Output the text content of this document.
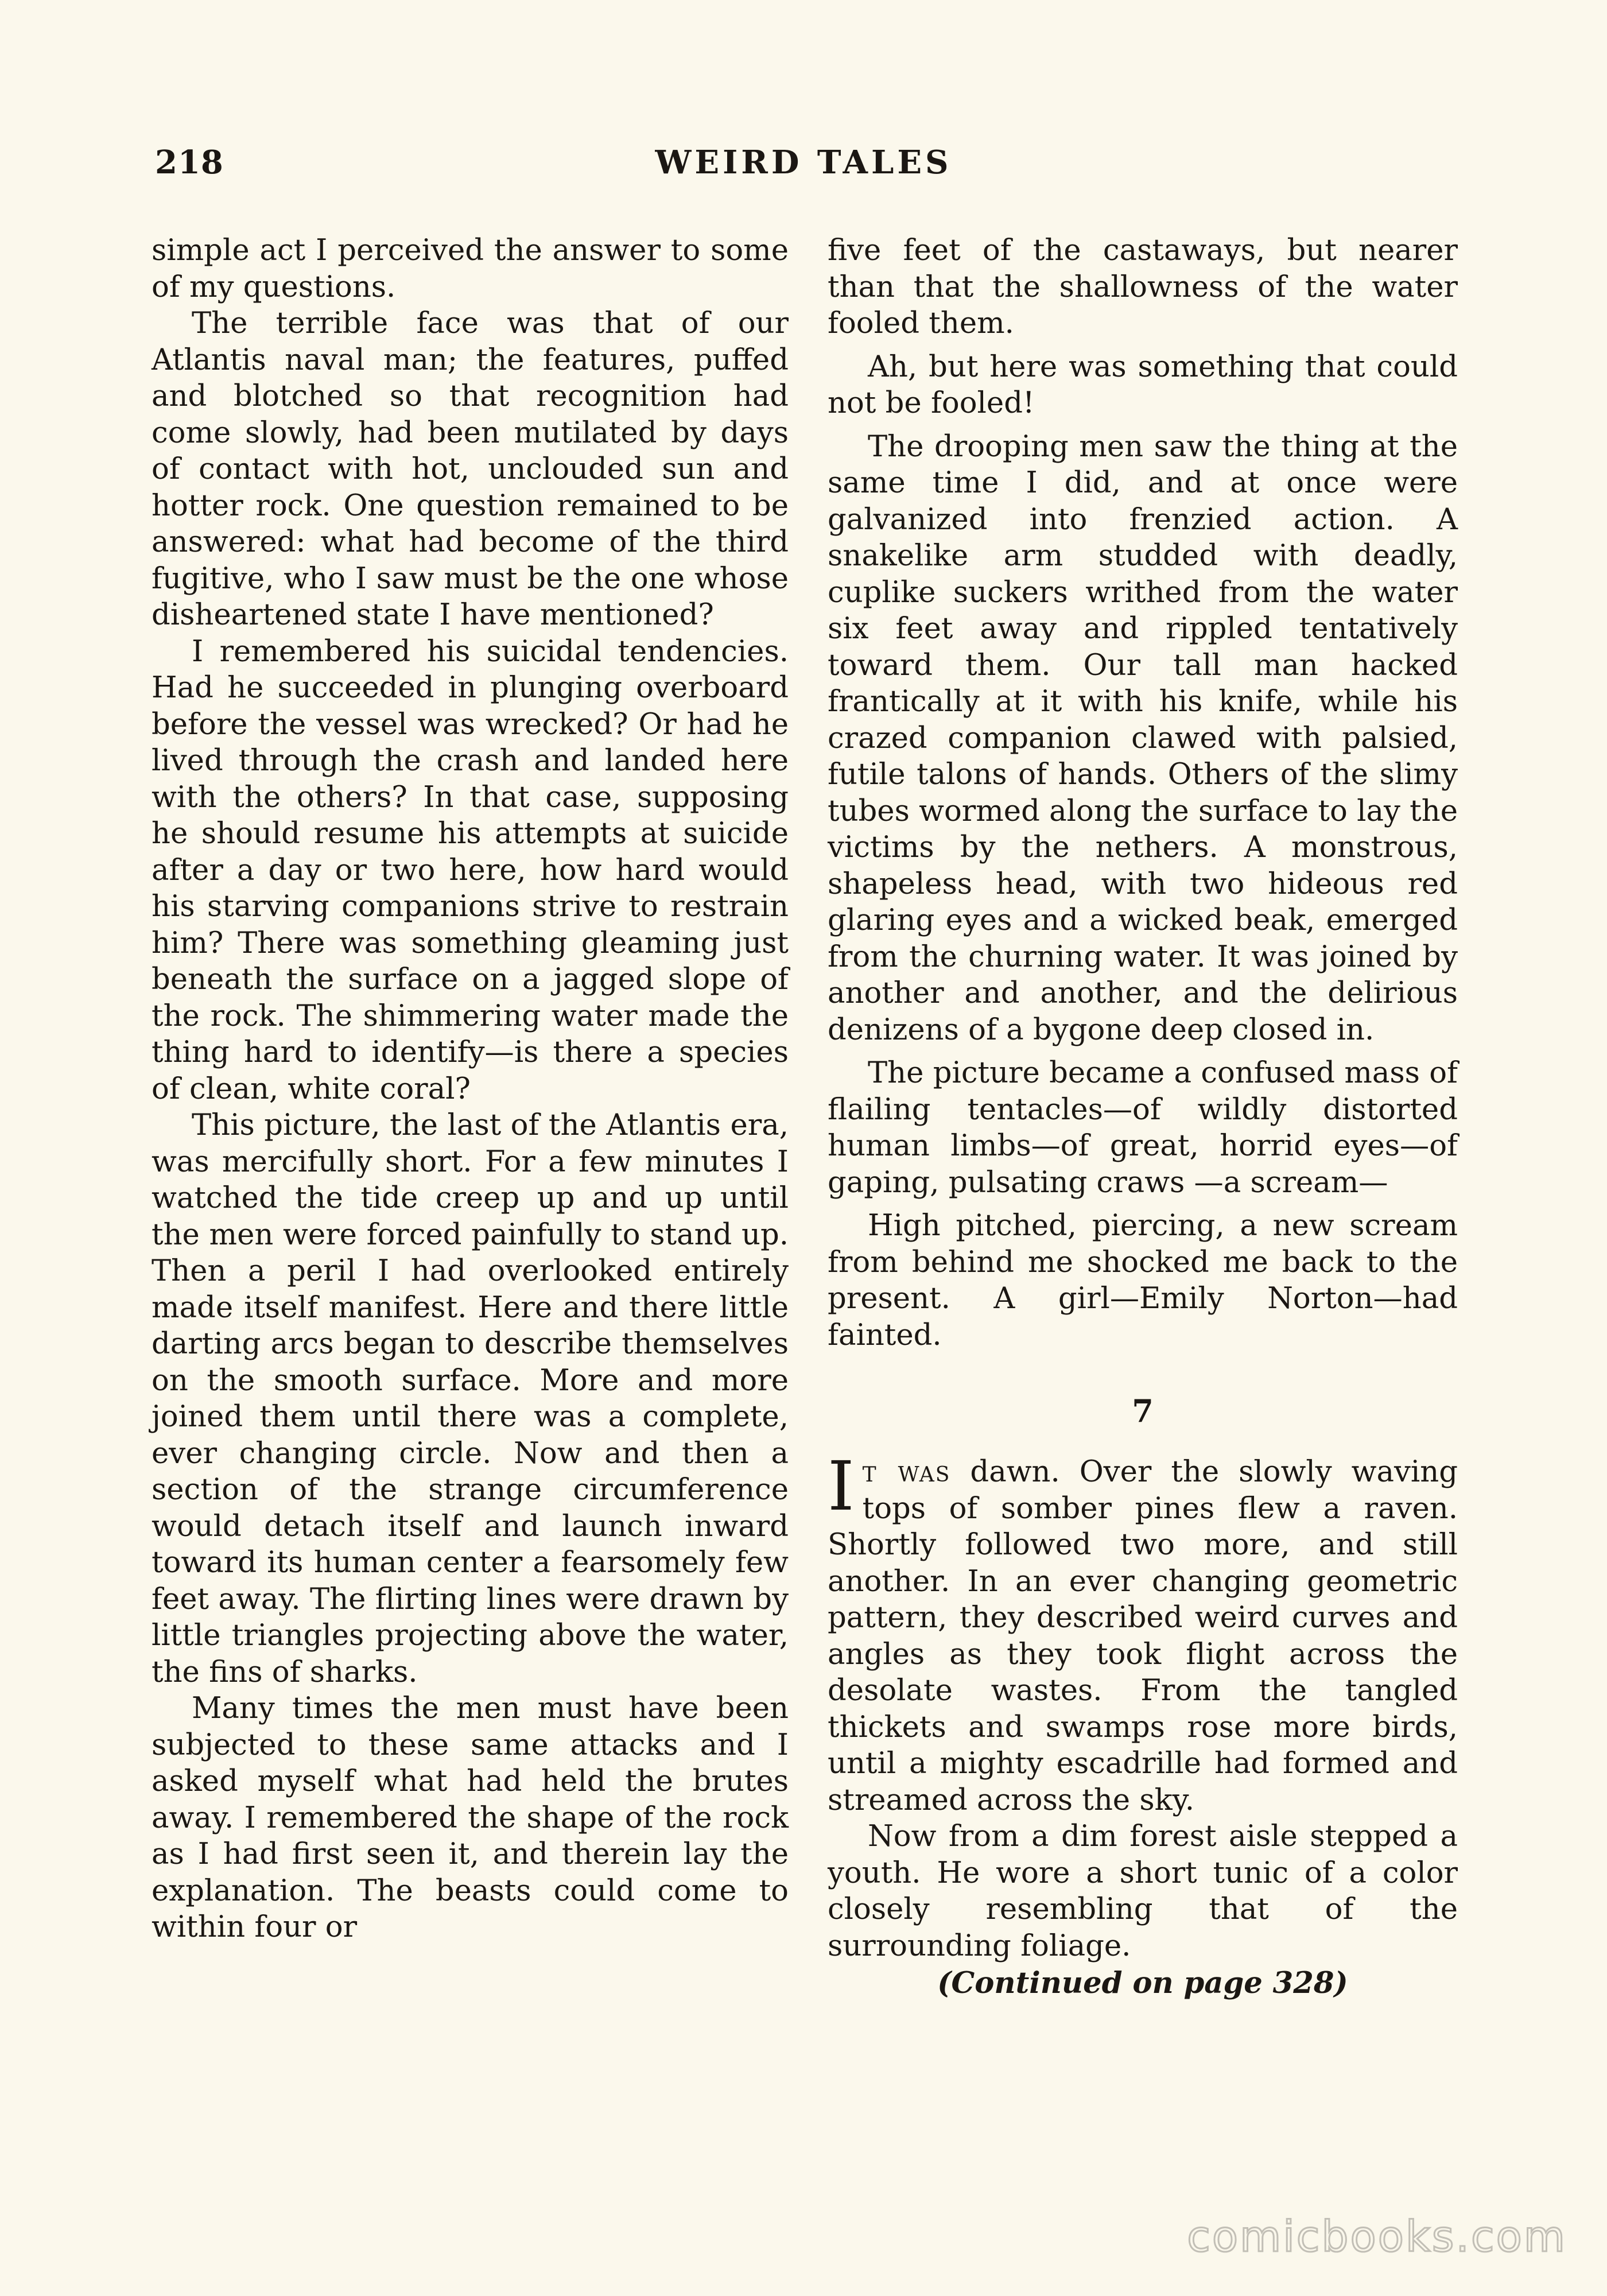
218	WEIRD TALES

simple act I perceived the answer to some of my questions.

The terrible face was that of our Atlantis naval man; the features, puffed and blotched so that recognition had come slowly, had been mutilated by days of contact with hot, unclouded sun and hotter rock. One question remained to be answered: what had become of the third fugitive, who I saw must be the one whose disheartened state I have mentioned?

I remembered his suicidal tendencies. Had he succeeded in plunging overboard before the vessel was wrecked? Or had he lived through the crash and landed here with the others? In that case, supposing he should resume his attempts at suicide after a day or two here, how hard would his starving companions strive to restrain him? There was something gleaming just beneath the surface on a jagged slope of the rock. The shimmering water made the thing hard to identify—is there a species of clean, white coral?

This picture, the last of the Atlantis era, was mercifully short. For a few minutes I watched the tide creep up and up until the men were forced painfully to stand up. Then a peril I had overlooked entirely made itself manifest. Here and there little darting arcs began to describe themselves on the smooth surface. More and more joined them until there was a complete, ever changing circle. Now and then a section of the strange circumference would detach itself and launch inward toward its human center a fearsomely few feet away. The flirting lines were drawn by little triangles projecting above the water, the fins of sharks.

Many times the men must have been subjected to these same attacks and I asked myself what had held the brutes away. I remembered the shape of the rock as I had first seen it, and therein lay the explanation. The beasts could come to within four or

five feet of the castaways, but nearer than that the shallowness of the water fooled them.

Ah, but here was something that could not be fooled!

The drooping men saw the thing at the same time I did, and at once were galvanized into frenzied action. A snakelike arm studded with deadly, cuplike suckers writhed from the water six feet away and rippled tentatively toward them. Our tall man hacked frantically at it with his knife, while his crazed companion clawed with palsied, futile talons of hands. Others of the slimy tubes wormed along the surface to lay the victims by the nethers. A monstrous, shapeless head, with two hideous red glaring eyes and a wicked beak, emerged from the churning water. It was joined by another and another, and the delirious denizens of a bygone deep closed in.

The picture became a confused mass of flailing tentacles—of wildly distorted human limbs—of great, horrid eyes—of gaping, pulsating craws —a scream—

High pitched, piercing, a new scream from behind me shocked me back to the present. A girl—Emily Norton—had fainted.

7

It was dawn. Over the slowly waving tops of somber pines flew a raven. Shortly followed two more, and still another. In an ever changing geometric pattern, they described weird curves and angles as they took flight across the desolate wastes. From the tangled thickets and swamps rose more birds, until a mighty escadrille had formed and streamed across the sky.

Now from a dim forest aisle stepped a youth. He wore a short tunic of a color closely resembling that of the surrounding foliage.

(Continued on page 328)
comicbooks.com
